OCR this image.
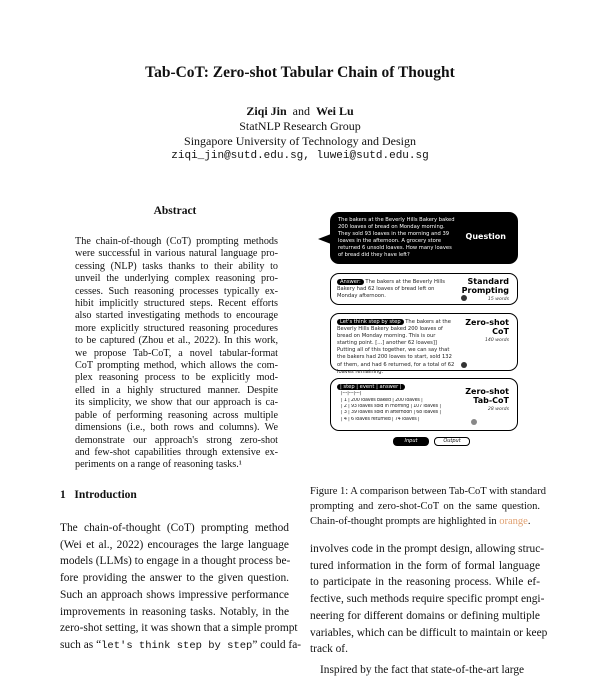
Tab-CoT: Zero-shot Tabular Chain of Thought
Ziqi Jin and Wei Lu
StatNLP Research Group
Singapore University of Technology and Design
ziqi_jin@sutd.edu.sg, luwei@sutd.edu.sg
Abstract
The chain-of-though (CoT) prompting methods
were successful in various natural language pro-
cessing (NLP) tasks thanks to their ability to
unveil the underlying complex reasoning pro-
cesses. Such reasoning processes typically ex-
hibit implicitly structured steps. Recent efforts
also started investigating methods to encourage
more explicitly structured reasoning procedures
to be captured (Zhou et al., 2022). In this work,
we propose Tab-CoT, a novel tabular-format
CoT prompting method, which allows the com-
plex reasoning process to be explicitly mod-
elled in a highly structured manner. Despite
its simplicity, we show that our approach is ca-
pable of performing reasoning across multiple
dimensions (i.e., both rows and columns). We
demonstrate our approach's strong zero-shot
and few-shot capabilities through extensive ex-
periments on a range of reasoning tasks.¹
1 Introduction
The chain-of-thought (CoT) prompting method
(Wei et al., 2022) encourages the large language
models (LLMs) to engage in a thought process be-
fore providing the answer to the given question.
Such an approach shows impressive performance
improvements in reasoning tasks. Notably, in the
zero-shot setting, it was shown that a simple prompt
such as “let's think step by step” could fa-
The bakers at the Beverly Hills Bakery baked 200 loaves of bread on Monday morning. They sold 93 loaves in the morning and 39 loaves in the afternoon. A grocery store returned 6 unsold loaves. How many loaves of bread did they have left?
Question
Answer: The bakers at the Beverly Hills Bakery had 62 loaves of bread left on Monday afternoon.
Standard
Prompting
15 words
Let's think step by step The bakers at the Beverly Hills Bakery baked 200 loaves of bread on Monday morning. This is our starting point. [...] another 62 loaves]] Putting all of this together, we can say that the bakers had 200 loaves to start, sold 132 of them, and had 6 returned, for a total of 62 loaves remaining.
Zero-shot
CoT
140 words
| step | event | answer |
|---|---|---|
| 1 | 200 loaves baked | 200 loaves |
| 2 | 93 loaves sold in morning | 107 loaves |
| 3 | 39 loaves sold in afternoon | 68 loaves |
| 4 | 6 loaves returned | 74 loaves |
Zero-shot
Tab-CoT
28 words
Input	Output
Figure 1: A comparison between Tab-CoT with standard
prompting and zero-shot-CoT on the same question.
Chain-of-thought prompts are highlighted in orange.
involves code in the prompt design, allowing struc-
tured information in the form of formal language
to participate in the reasoning process. While ef-
fective, such methods require specific prompt engi-
neering for different domains or defining multiple
variables, which can be difficult to maintain or keep
track of.
Inspired by the fact that state-of-the-art large
